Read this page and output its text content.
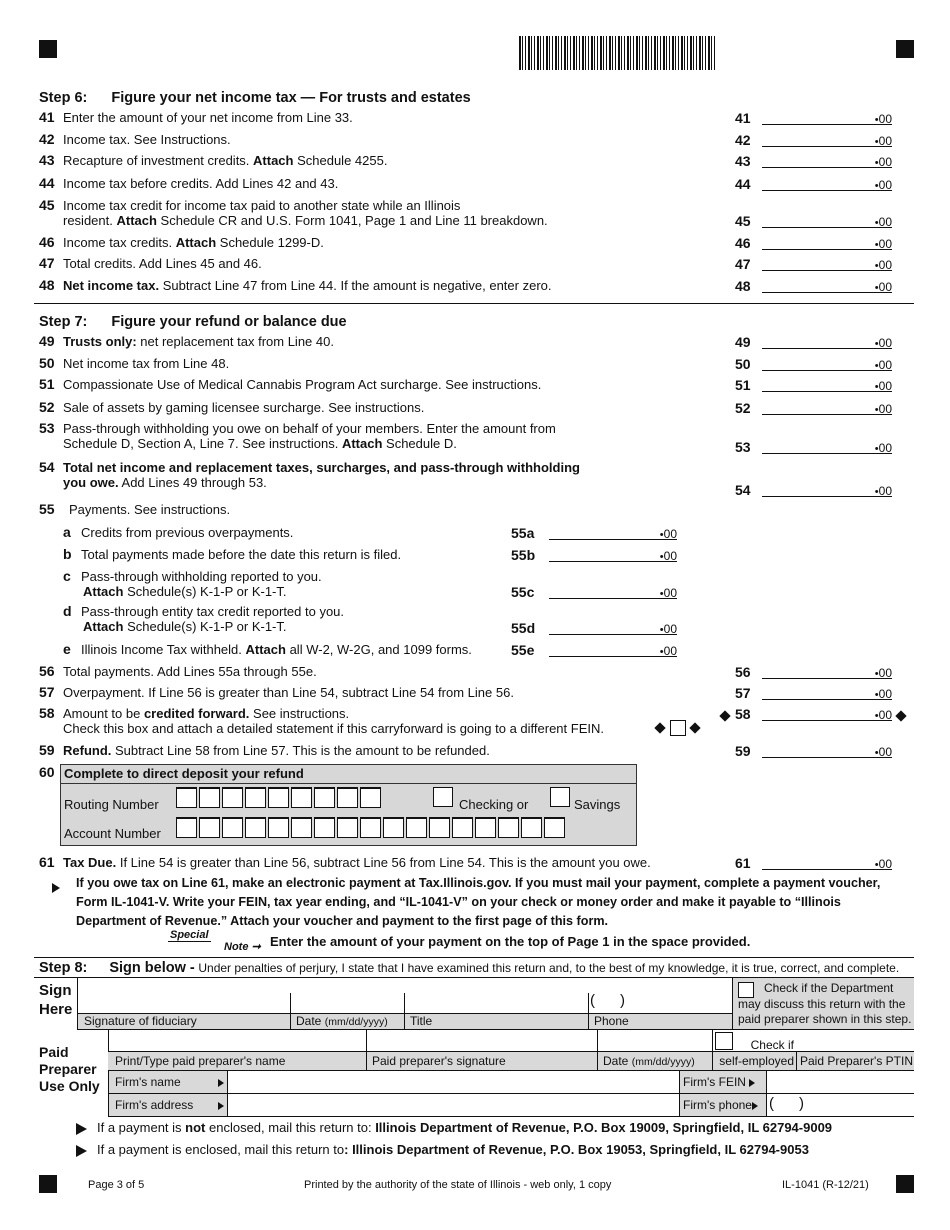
Step 6: Figure your net income tax — For trusts and estates
41 Enter the amount of your net income from Line 33.	41	• 00
42 Income tax. See Instructions.	42	• 00
43 Recapture of investment credits. Attach Schedule 4255.	43	• 00
44 Income tax before credits. Add Lines 42 and 43.	44	• 00
45 Income tax credit for income tax paid to another state while an Illinois
resident. Attach Schedule CR and U.S. Form 1041, Page 1 and Line 11 breakdown.	45	• 00
46 Income tax credits. Attach Schedule 1299-D.	46	• 00
47 Total credits. Add Lines 45 and 46.	47	• 00
48 Net income tax. Subtract Line 47 from Line 44. If the amount is negative, enter zero.	48	• 00
Step 7: Figure your refund or balance due
49 Trusts only: net replacement tax from Line 40.	49	• 00
50 Net income tax from Line 48.	50	• 00
51 Compassionate Use of Medical Cannabis Program Act surcharge. See instructions.	51	• 00
52 Sale of assets by gaming licensee surcharge. See instructions.	52	• 00
53 Pass-through withholding you owe on behalf of your members. Enter the amount from
Schedule D, Section A, Line 7. See instructions. Attach Schedule D.	53	• 00
54 Total net income and replacement taxes, surcharges, and pass-through withholding
you owe. Add Lines 49 through 53.	54	• 00
55 Payments. See instructions.
a Credits from previous overpayments.	55a	• 00
b Total payments made before the date this return is filed.	55b	• 00
c Pass-through withholding reported to you.
Attach Schedule(s) K-1-P or K-1-T.	55c	• 00
d Pass-through entity tax credit reported to you.
Attach Schedule(s) K-1-P or K-1-T.	55d	• 00
e Illinois Income Tax withheld. Attach all W-2, W-2G, and 1099 forms.	55e	• 00
56 Total payments. Add Lines 55a through 55e.	56	• 00
57 Overpayment. If Line 56 is greater than Line 54, subtract Line 54 from Line 56.	57	• 00
58 Amount to be credited forward. See instructions.
Check this box and attach a detailed statement if this carryforward is going to a different FEIN.
58	• 00
59 Refund. Subtract Line 58 from Line 57. This is the amount to be refunded.	59	• 00

60 Complete to direct deposit your refund
Routing Number	Checking or	Savings
Account Number
61 Tax Due. If Line 54 is greater than Line 56, subtract Line 56 from Line 54. This is the amount you owe.	61	• 00
If you owe tax on Line 61, make an electronic payment at Tax.Illinois.gov. If you must mail your payment, complete a payment voucher,
Form IL-1041-V. Write your FEIN, tax year ending, and “IL-1041-V” on your check or money order and make it payable to “Illinois
Department of Revenue.” Attach your voucher and payment to the first page of this form.
Special
Note ➞ Enter the amount of your payment on the top of Page 1 in the space provided.
Step 8: Sign below - Under penalties of perjury, I state that I have examined this return and, to the best of my knowledge, it is true, correct, and complete.
Sign
Here
Signature of fiduciary	Date (mm/dd/yyyy) Title	Phone
(      )
Check if the Department
may discuss this return with the
paid preparer shown in this step.
Paid
Preparer
Use Only
Print/Type paid preparer's name	Paid preparer's signature	Date (mm/dd/yyyy)
Check if
self-employed Paid Preparer's PTIN
Firm's name
Firm's address
Firm's FEIN
Firm's phone	(      )
If a payment is not enclosed, mail this return to: Illinois Department of Revenue, P.O. Box 19009, Springfield, IL 62794-9009
If a payment is enclosed, mail this return to: Illinois Department of Revenue, P.O. Box 19053, Springfield, IL 62794-9053
Page 3 of 5	Printed by the authority of the state of Illinois - web only, 1 copy	IL-1041 (R-12/21)
